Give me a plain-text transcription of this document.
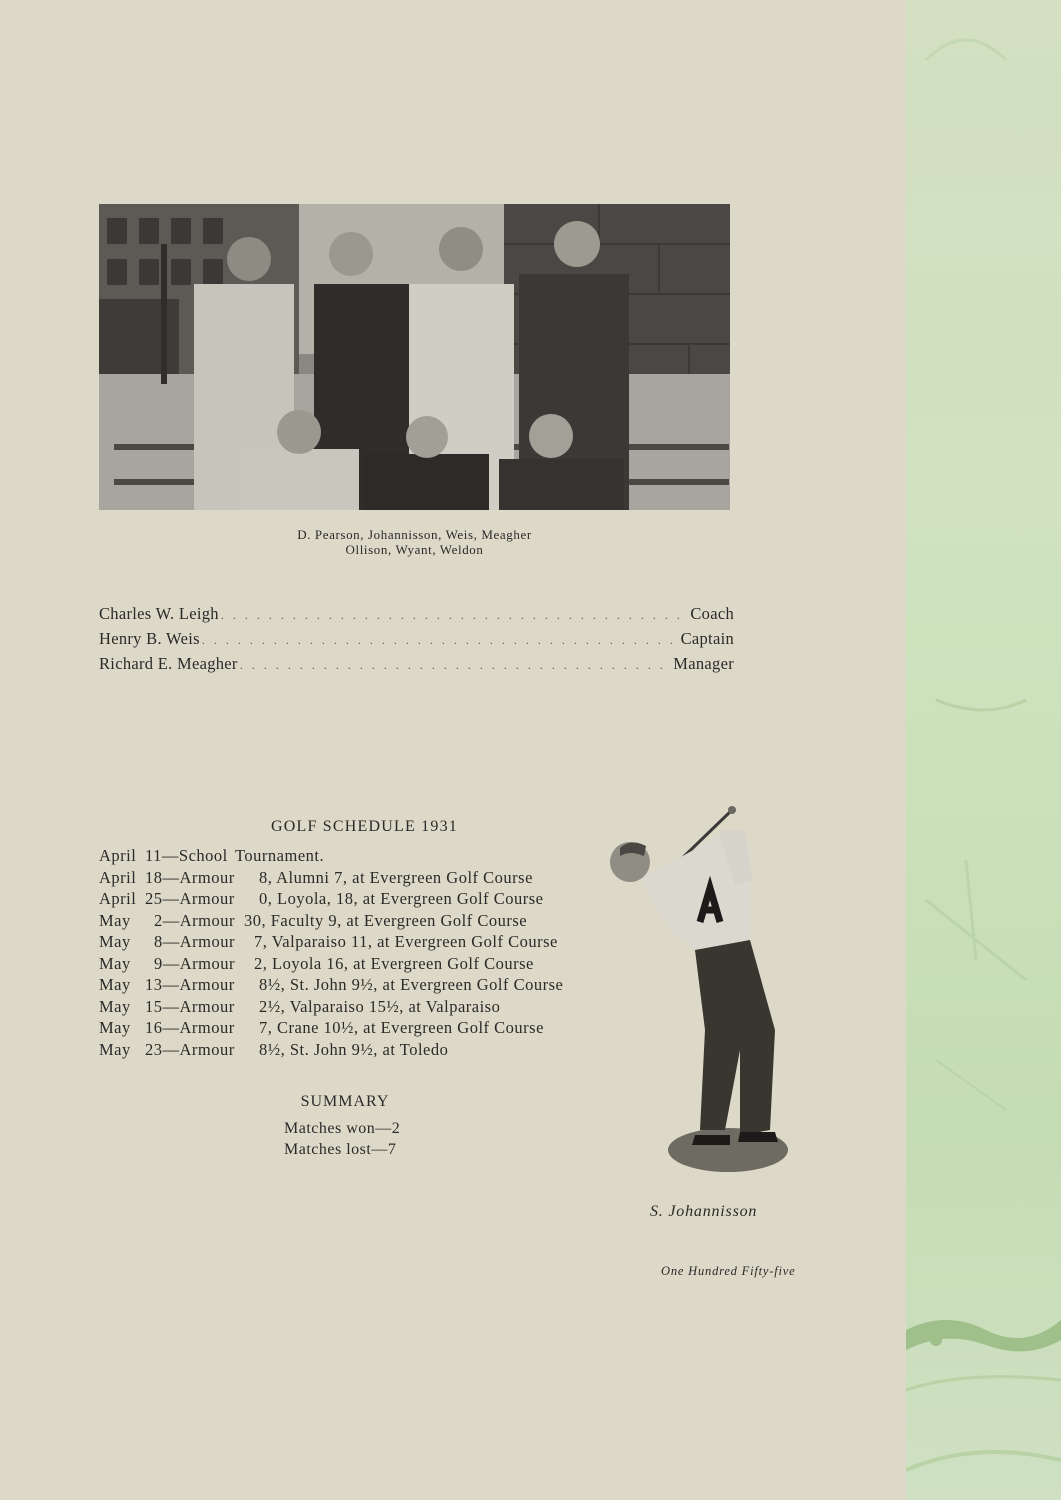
D. Pearson, Johannisson, Weis, Meagher
Ollison, Wyant, Weldon
Charles W. Leigh . . .	Coach
Henry B. Weis . . .	Captain
Richard E. Meagher . . .	Manager
GOLF SCHEDULE 1931
April 11—School Tournament.
April 18—Armour 8, Alumni 7, at Evergreen Golf Course
April 25—Armour 0, Loyola, 18, at Evergreen Golf Course
May 2—Armour 30, Faculty 9, at Evergreen Golf Course
May 8—Armour 7, Valparaiso 11, at Evergreen Golf Course
May 9—Armour 2, Loyola 16, at Evergreen Golf Course
May 13—Armour 8½, St. John 9½, at Evergreen Golf Course
May 15—Armour 2½, Valparaiso 15½, at Valparaiso
May 16—Armour 7, Crane 10½, at Evergreen Golf Course
May 23—Armour 8½, St. John 9½, at Toledo
SUMMARY
Matches won—2
Matches lost—7
S. Johannisson
One Hundred Fifty-five
